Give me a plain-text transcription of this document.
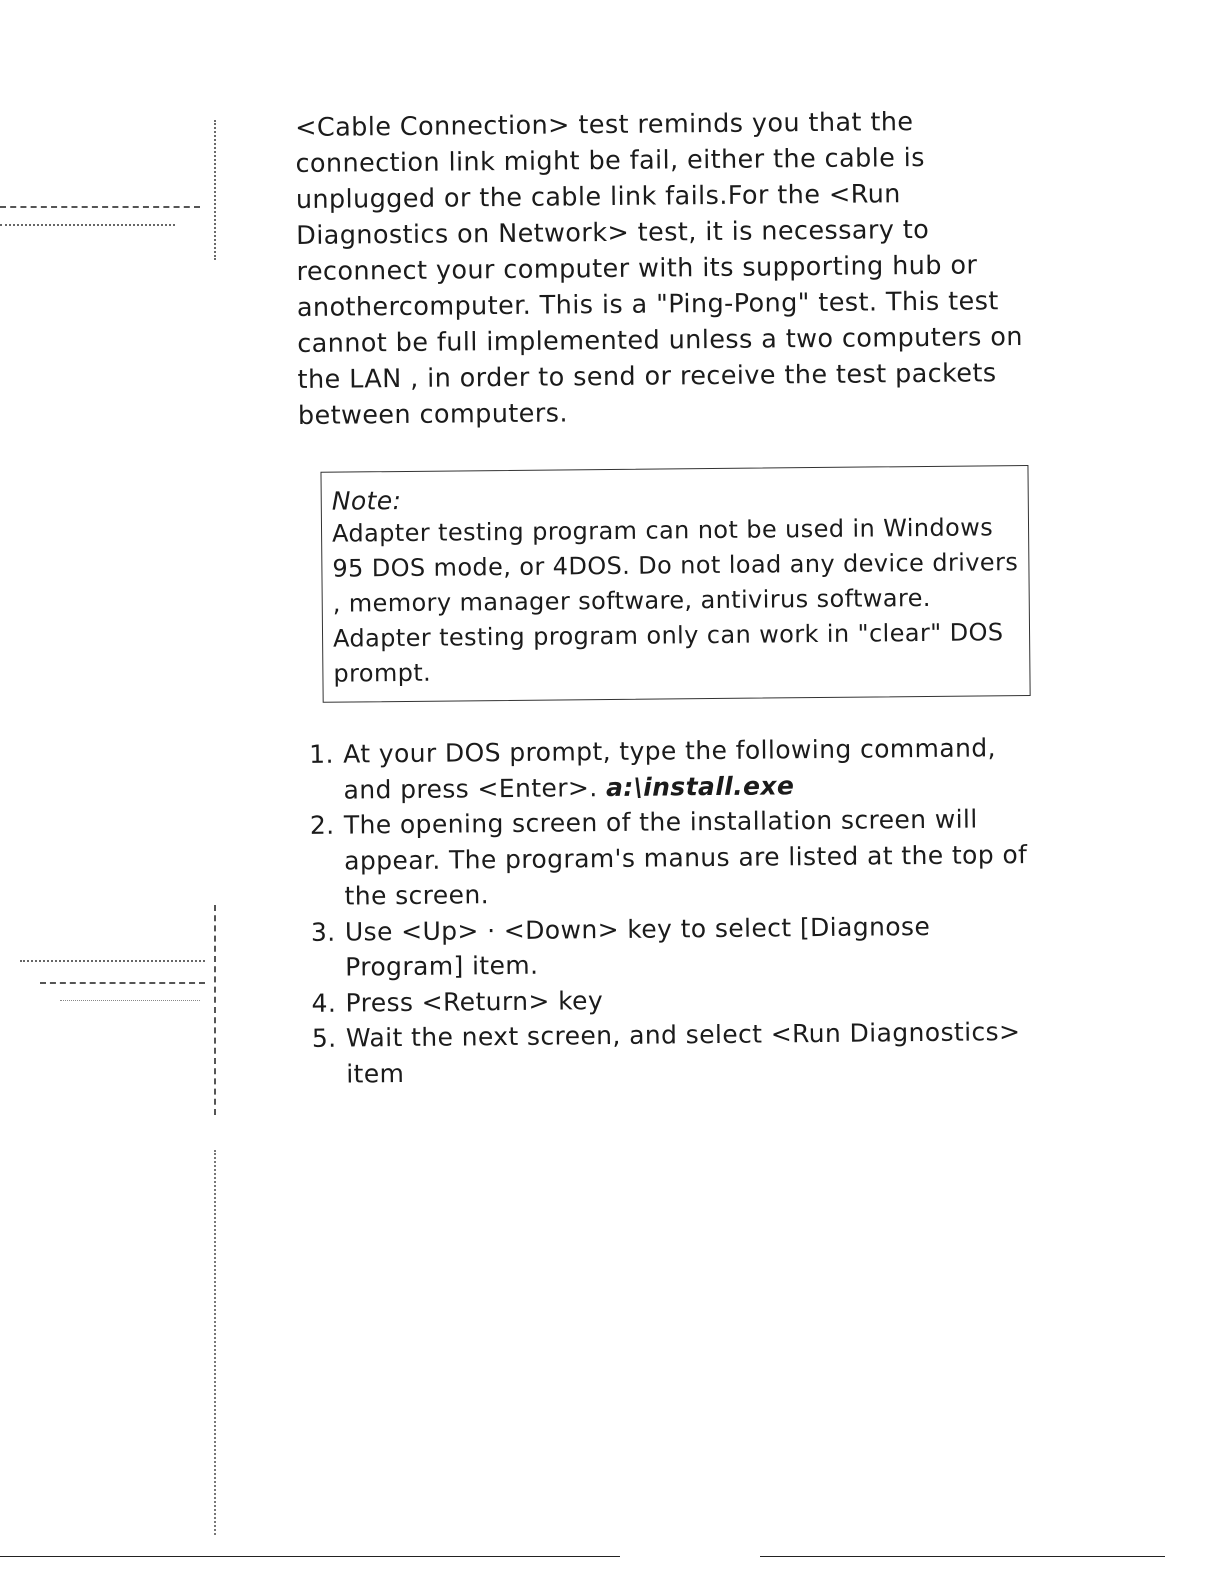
<Cable Connection> test reminds you that the connection link might be fail, either the cable is unplugged or the cable link fails.For the <Run Diagnostics on Network> test, it is necessary to reconnect your computer with its supporting hub or anothercomputer. This is a "Ping-Pong" test. This test cannot be full implemented unless a two computers on the LAN , in order to send or receive the test packets between computers.

Note:
Adapter testing program can not be used in Windows 95 DOS mode, or 4DOS. Do not load any device drivers , memory manager software, antivirus software. Adapter testing program only can work in "clear" DOS prompt.
1. At your DOS prompt, type the following command, and press <Enter>. a:\install.exe
2. The opening screen of the installation screen will appear. The program's manus are listed at the top of the screen.
3. Use <Up> · <Down> key to select [Diagnose Program] item.
4. Press <Return> key
5. Wait the next screen, and select <Run Diagnostics> item
